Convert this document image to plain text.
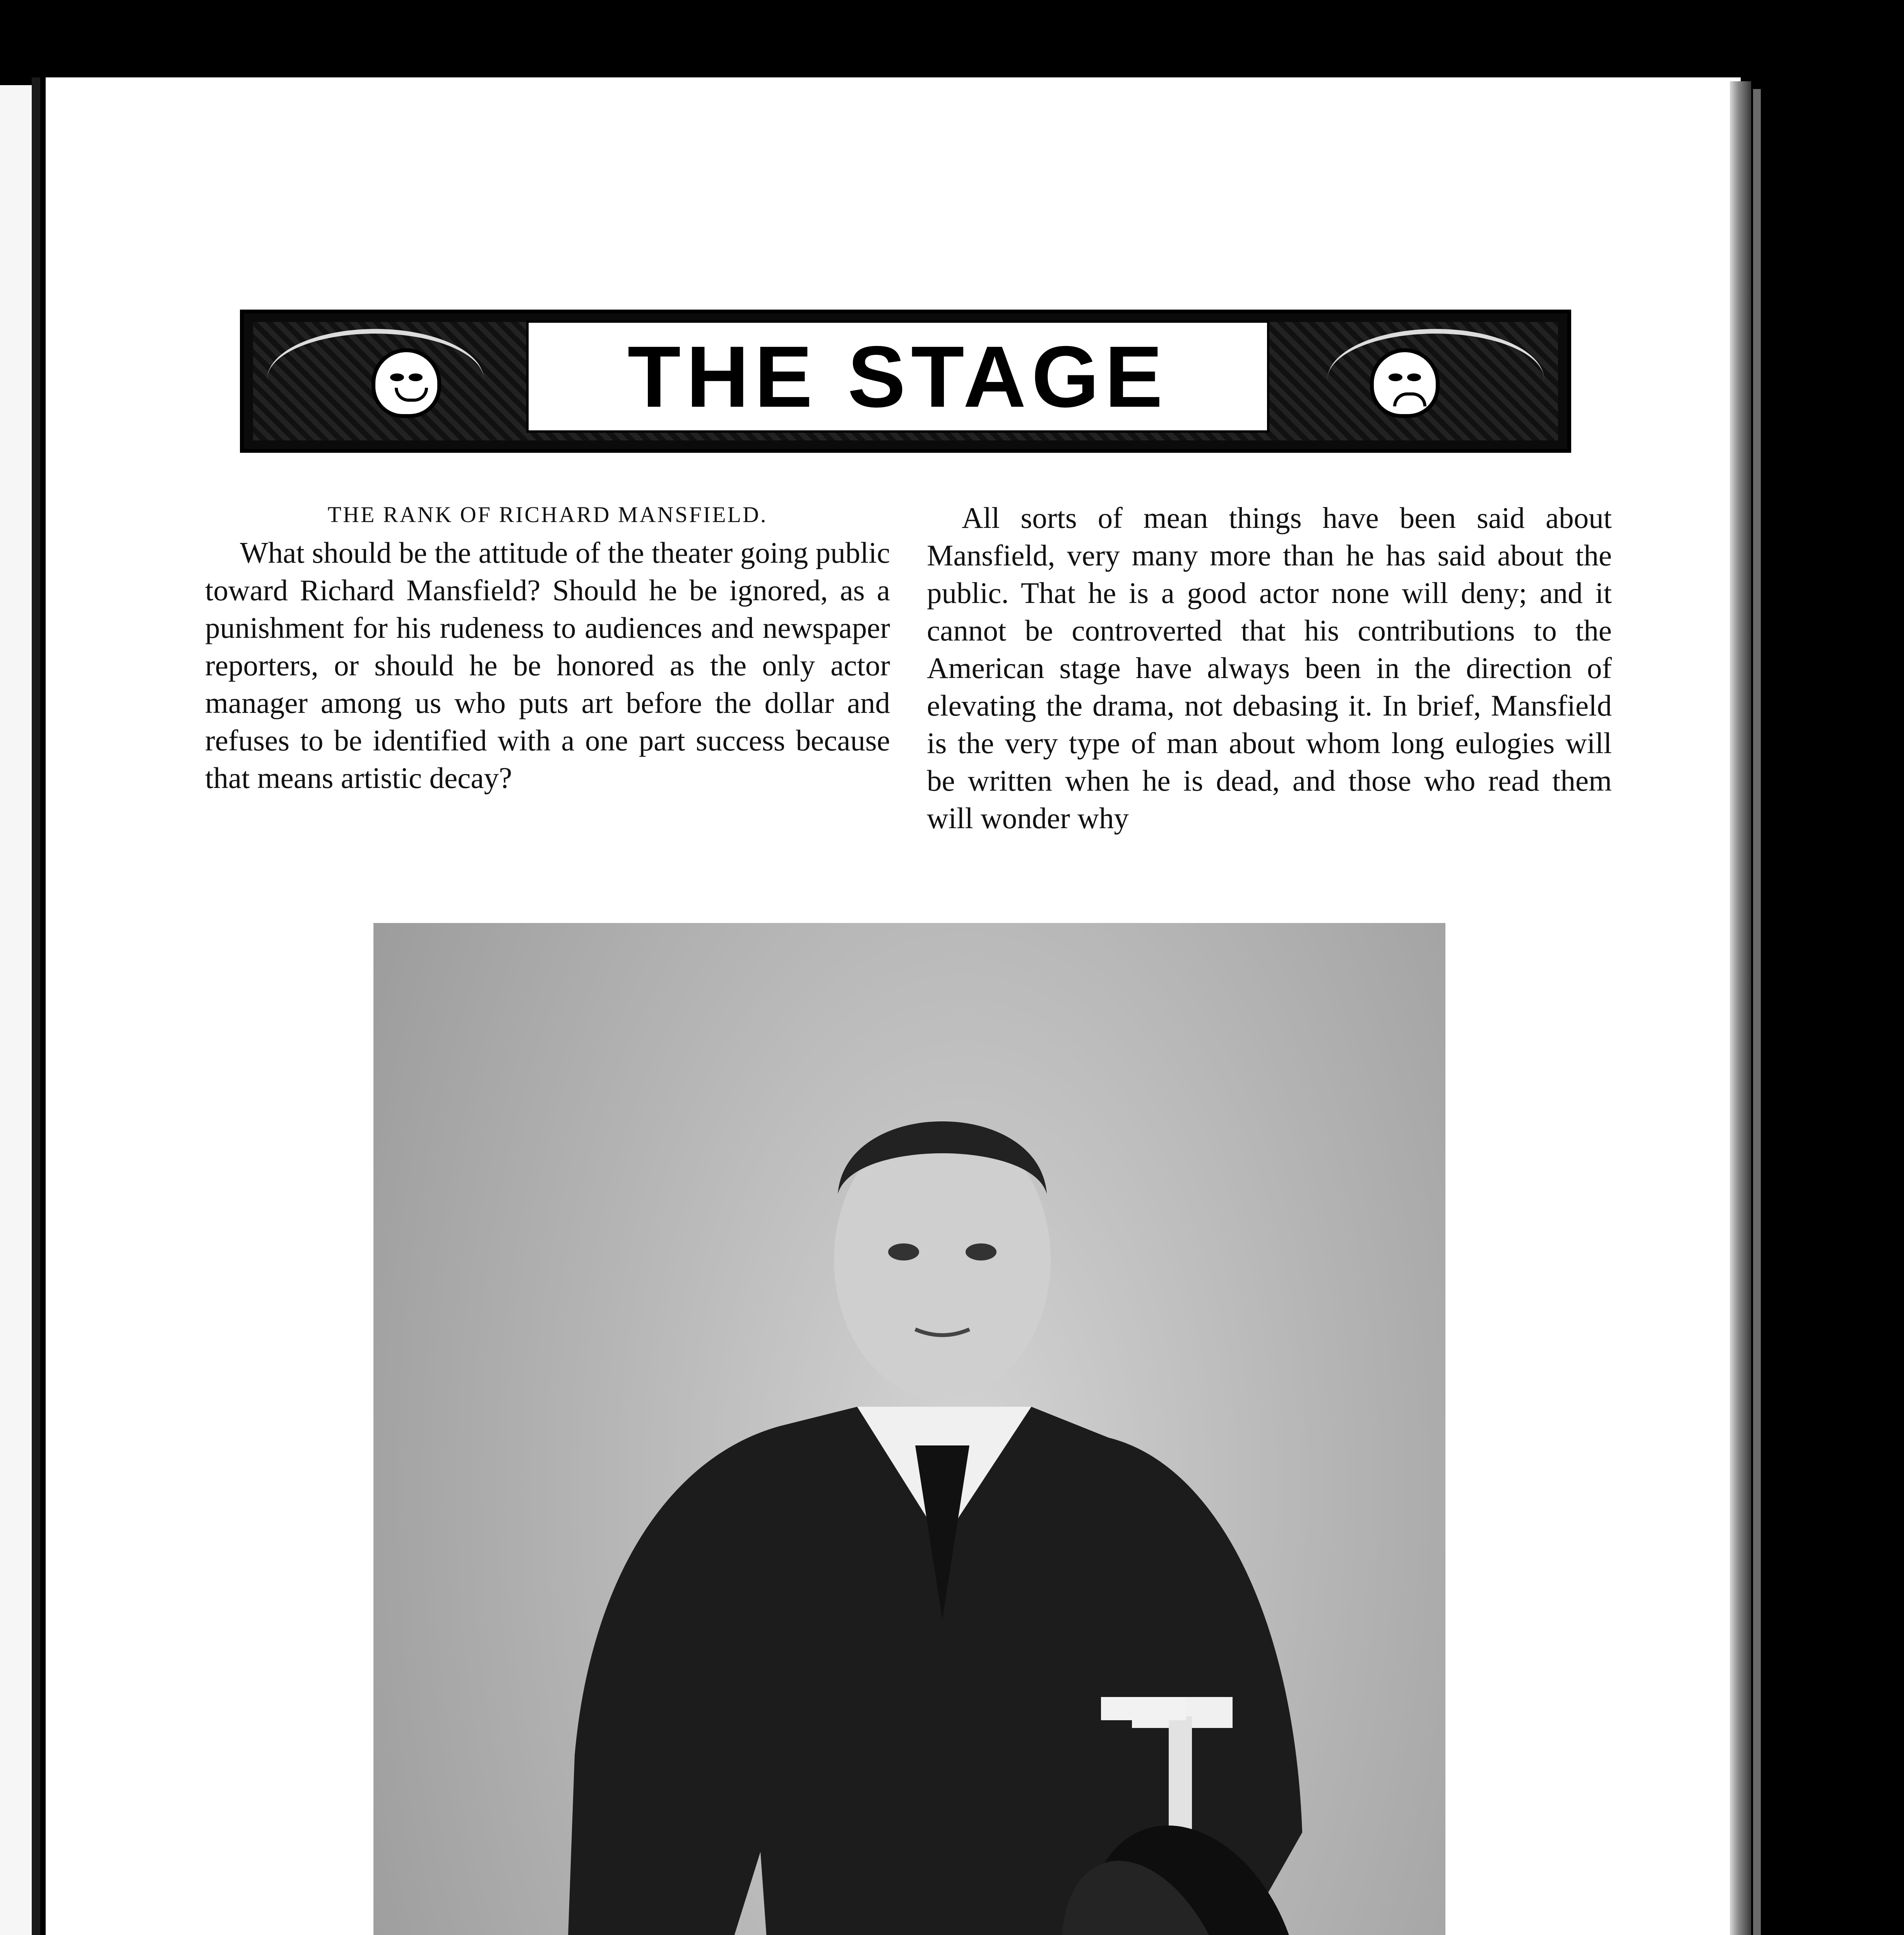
THE STAGE
THE RANK OF RICHARD MANSFIELD.

What should be the attitude of the theater going public toward Richard Mansfield? Should he be ignored, as a punishment for his rudeness to audiences and newspaper reporters, or should he be honored as the only actor manager among us who puts art before the dollar and refuses to be identified with a one part success because that means artistic decay?

All sorts of mean things have been said about Mansfield, very many more than he has said about the public. That he is a good actor none will deny; and it cannot be controverted that his contributions to the American stage have always been in the direction of elevating the drama, not debasing it. In brief, Mansfield is the very type of man about whom long eulogies will be written when he is dead, and those who read them will wonder why
